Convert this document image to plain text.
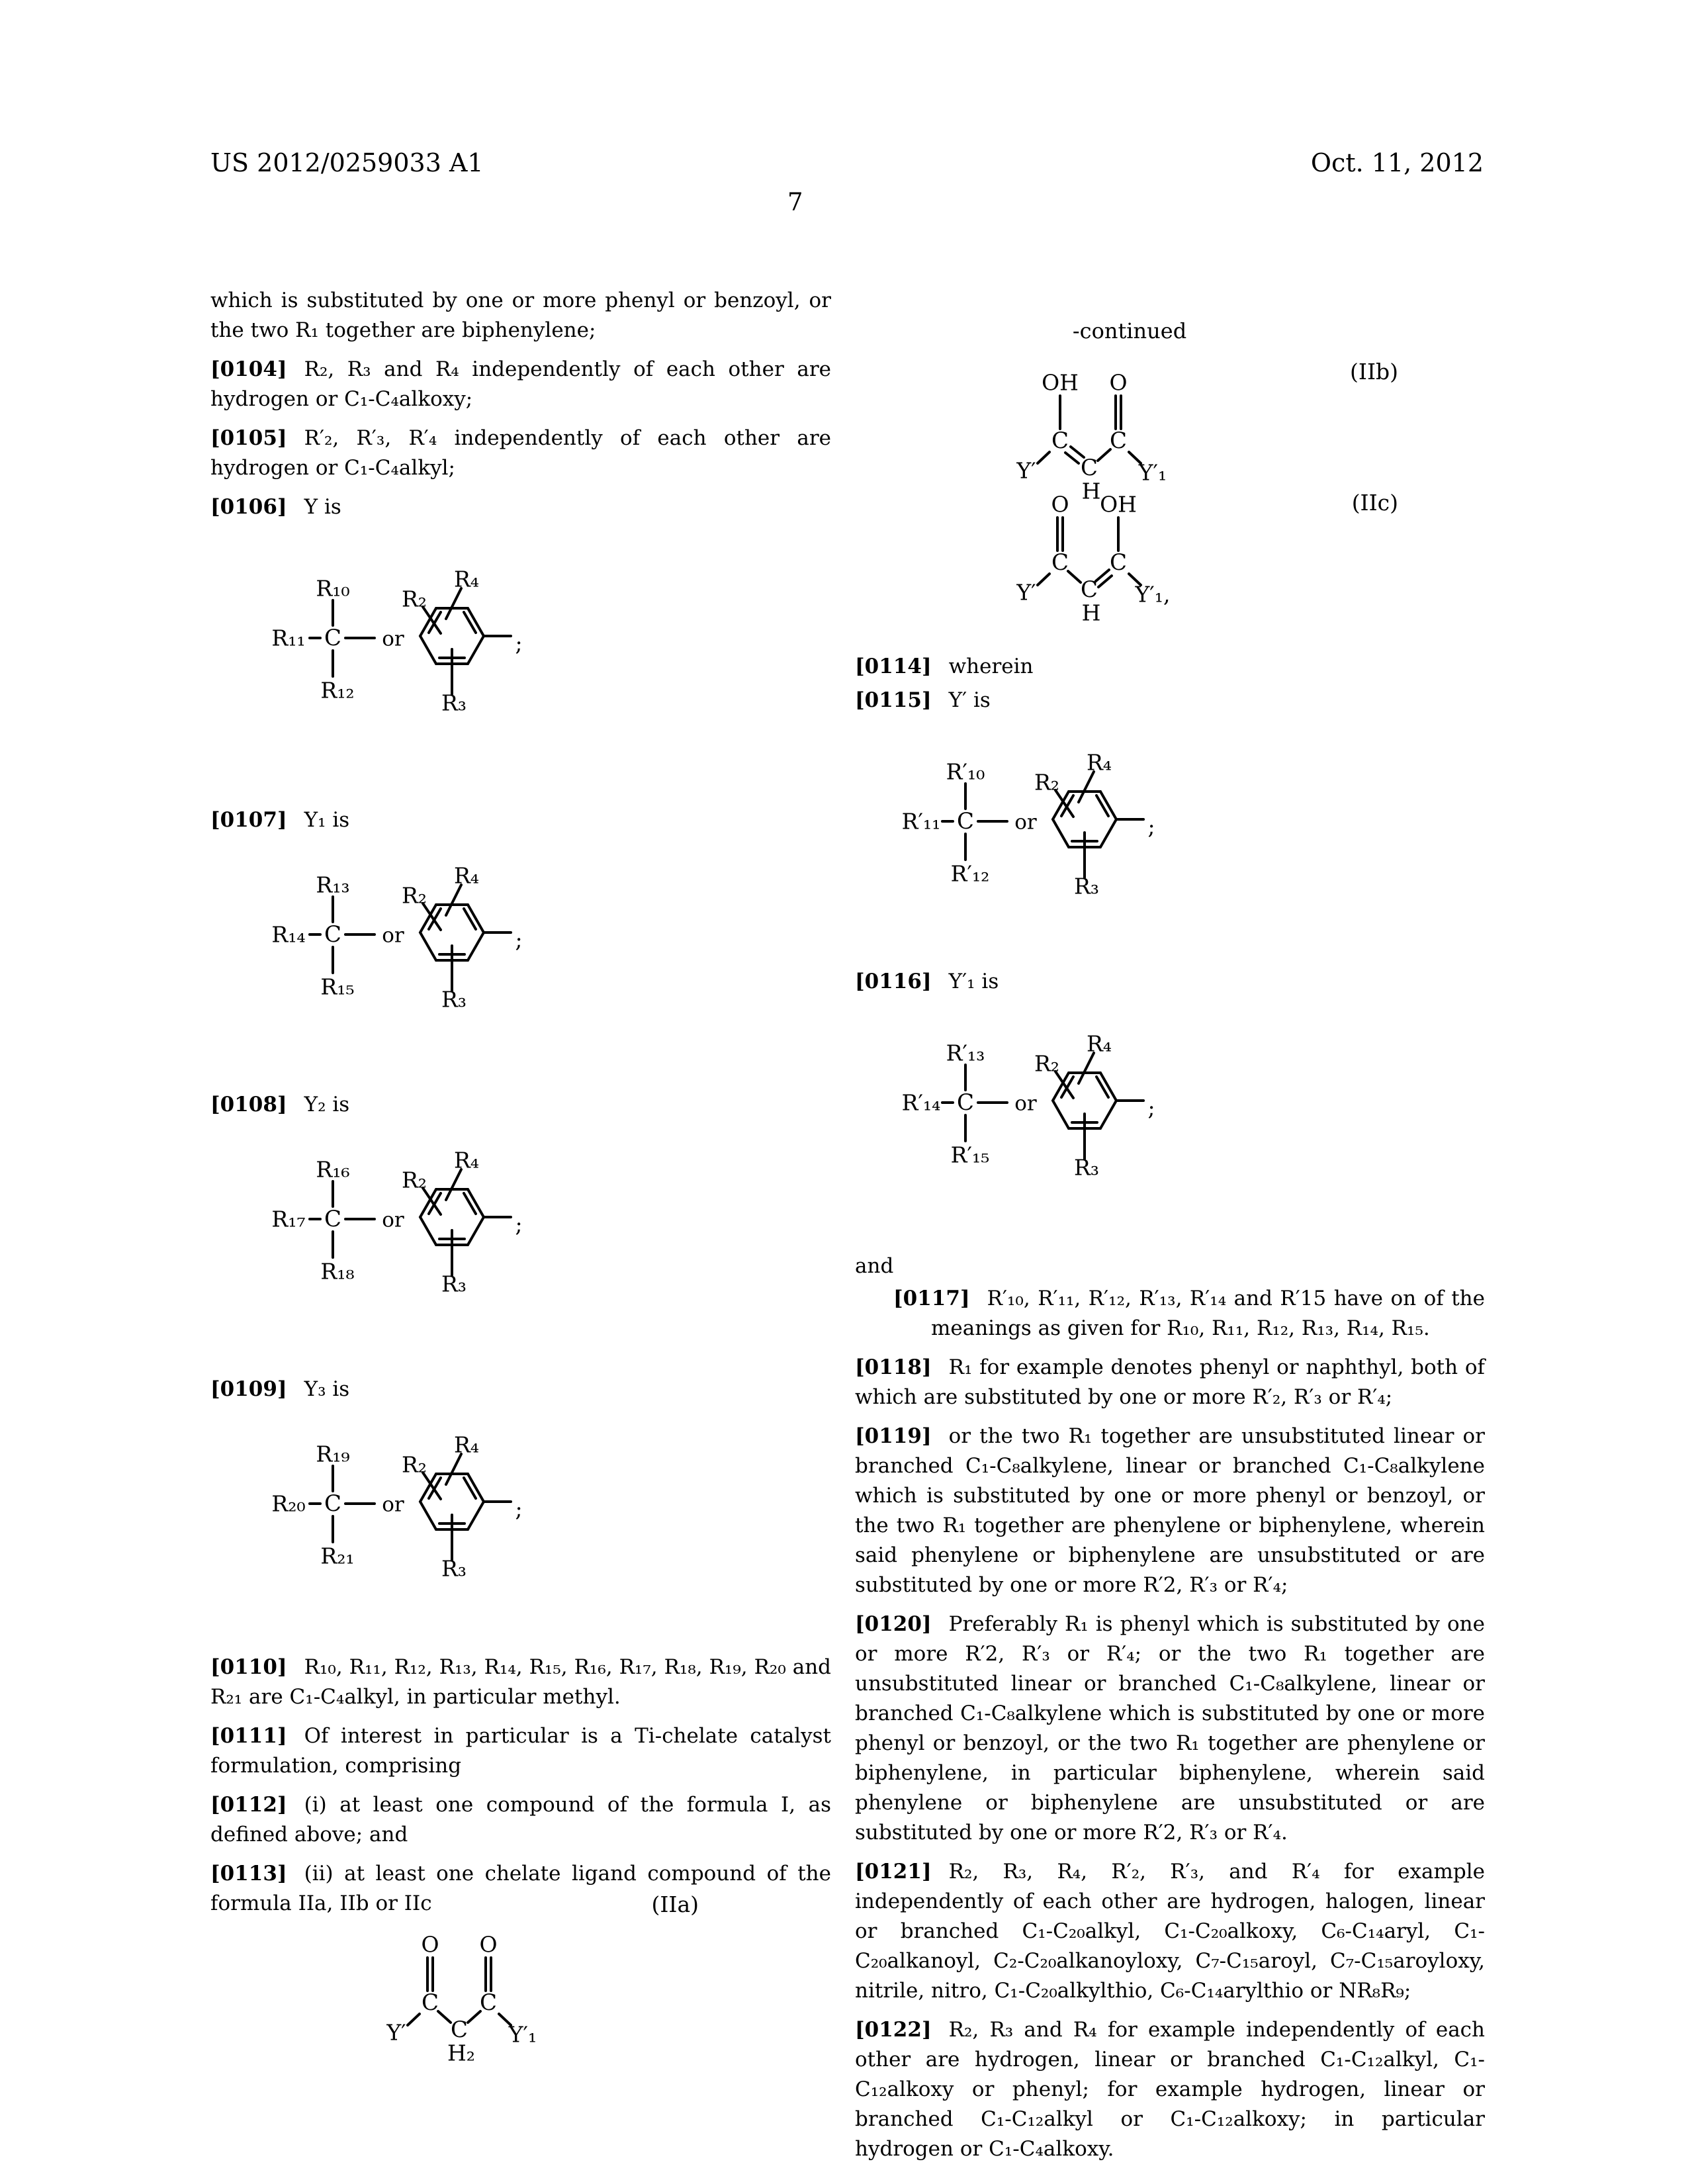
US 2012/0259033 A1	Oct. 11, 2012
7

which is substituted by one or more phenyl or benzoyl, or the two R₁ together are biphenylene;

[0104] R₂, R₃ and R₄ independently of each other are hydrogen or C₁-C₄alkoxy;

[0105] R′₂, R′₃, R′₄ independently of each other are hydrogen or C₁-C₄alkyl;

[0106] Y is

R₁₀
R₁₁ C
R₁₂
or
R₂
R₄
R₃
;

[0107] Y₁ is

R₁₃
R₁₄ C
R₁₅
or
R₂
R₄
R₃
;

[0108] Y₂ is

R₁₆
R₁₇ C
R₁₈
or
R₂
R₄
R₃
;

[0109] Y₃ is

R₁₉
R₂₀ C
R₂₁
or
R₂
R₄
R₃
;

[0110] R₁₀, R₁₁, R₁₂, R₁₃, R₁₄, R₁₅, R₁₆, R₁₇, R₁₈, R₁₉, R₂₀ and R₂₁ are C₁-C₄alkyl, in particular methyl.

[0111] Of interest in particular is a Ti-chelate catalyst formulation, comprising

[0112] (i) at least one compound of the formula I, as defined above; and

[0113] (ii) at least one chelate ligand compound of the formula IIa, IIb or IIc	(IIa)
O O
C C
C
H₂
Y′	Y′₁
-continued
(IIb)
OH O
C C
C
H
Y′	Y′₁
(IIc)
O OH
C C
C
H
Y′	Y′₁,

[0114] wherein

[0115] Y′ is

R′₁₀
R′₁₁ C
R′₁₂
or
R₂
R₄
R₃
;

[0116] Y′₁ is

R′₁₃
R′₁₄ C
R′₁₅
or
R₂
R₄
R₃
;

and

[0117] R′₁₀, R′₁₁, R′₁₂, R′₁₃, R′₁₄ and R′15 have on of the meanings as given for R₁₀, R₁₁, R₁₂, R₁₃, R₁₄, R₁₅.

[0118] R₁ for example denotes phenyl or naphthyl, both of which are substituted by one or more R′₂, R′₃ or R′₄;

[0119] or the two R₁ together are unsubstituted linear or branched C₁-C₈alkylene, linear or branched C₁-C₈alkylene which is substituted by one or more phenyl or benzoyl, or the two R₁ together are phenylene or biphenylene, wherein said phenylene or biphenylene are unsubstituted or are substituted by one or more R′2, R′₃ or R′₄;

[0120] Preferably R₁ is phenyl which is substituted by one or more R′2, R′₃ or R′₄; or the two R₁ together are unsubstituted linear or branched C₁-C₈alkylene, linear or branched C₁-C₈alkylene which is substituted by one or more phenyl or benzoyl, or the two R₁ together are phenylene or biphenylene, in particular biphenylene, wherein said phenylene or biphenylene are unsubstituted or are substituted by one or more R′2, R′₃ or R′₄.

[0121] R₂, R₃, R₄, R′₂, R′₃, and R′₄ for example independently of each other are hydrogen, halogen, linear or branched C₁-C₂₀alkyl, C₁-C₂₀alkoxy, C₆-C₁₄aryl, C₁-C₂₀alkanoyl, C₂-C₂₀alkanoyloxy, C₇-C₁₅aroyl, C₇-C₁₅aroyloxy, nitrile, nitro, C₁-C₂₀alkylthio, C₆-C₁₄arylthio or NR₈R₉;

[0122] R₂, R₃ and R₄ for example independently of each other are hydrogen, linear or branched C₁-C₁₂alkyl, C₁-C₁₂alkoxy or phenyl; for example hydrogen, linear or branched C₁-C₁₂alkyl or C₁-C₁₂alkoxy; in particular hydrogen or C₁-C₄alkoxy.
